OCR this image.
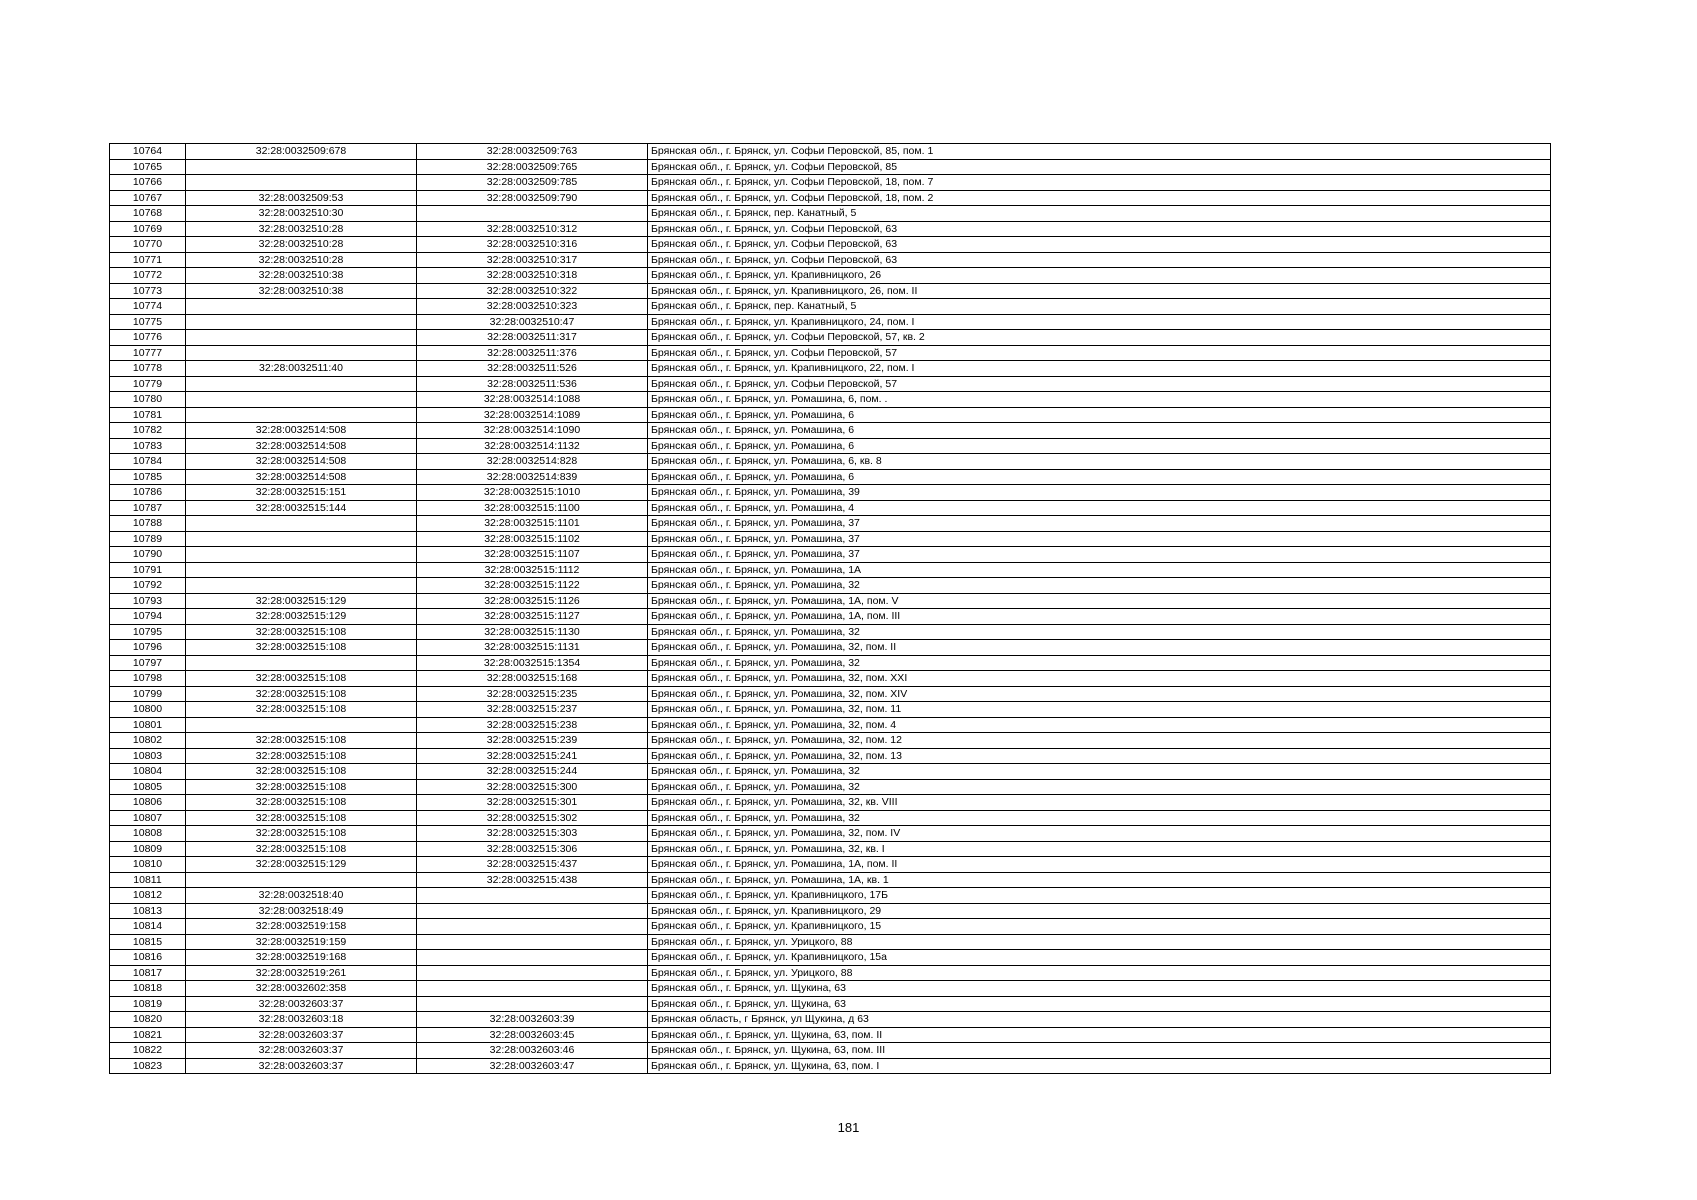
10764	32:28:0032509:678	32:28:0032509:763	Брянская обл., г. Брянск, ул. Софьи Перовской, 85, пом. 1
10765		32:28:0032509:765	Брянская обл., г. Брянск, ул. Софьи Перовской, 85
10766		32:28:0032509:785	Брянская обл., г. Брянск, ул. Софьи Перовской, 18, пом. 7
10767	32:28:0032509:53	32:28:0032509:790	Брянская обл., г. Брянск, ул. Софьи Перовской, 18, пом. 2
10768	32:28:0032510:30		Брянская обл., г. Брянск, пер. Канатный, 5
10769	32:28:0032510:28	32:28:0032510:312	Брянская обл., г. Брянск, ул. Софьи Перовской, 63
10770	32:28:0032510:28	32:28:0032510:316	Брянская обл., г. Брянск, ул. Софьи Перовской, 63
10771	32:28:0032510:28	32:28:0032510:317	Брянская обл., г. Брянск, ул. Софьи Перовской, 63
10772	32:28:0032510:38	32:28:0032510:318	Брянская обл., г. Брянск, ул. Крапивницкого, 26
10773	32:28:0032510:38	32:28:0032510:322	Брянская обл., г. Брянск, ул. Крапивницкого, 26, пом. II
10774		32:28:0032510:323	Брянская обл., г. Брянск, пер. Канатный, 5
10775		32:28:0032510:47	Брянская обл., г. Брянск, ул. Крапивницкого, 24, пом. I
10776		32:28:0032511:317	Брянская обл., г. Брянск, ул. Софьи Перовской, 57, кв. 2
10777		32:28:0032511:376	Брянская обл., г. Брянск, ул. Софьи Перовской, 57
10778	32:28:0032511:40	32:28:0032511:526	Брянская обл., г. Брянск, ул. Крапивницкого, 22, пом. I
10779		32:28:0032511:536	Брянская обл., г. Брянск, ул. Софьи Перовской, 57
10780		32:28:0032514:1088	Брянская обл., г. Брянск, ул. Ромашина, 6, пом. .
10781		32:28:0032514:1089	Брянская обл., г. Брянск, ул. Ромашина, 6
10782	32:28:0032514:508	32:28:0032514:1090	Брянская обл., г. Брянск, ул. Ромашина, 6
10783	32:28:0032514:508	32:28:0032514:1132	Брянская обл., г. Брянск, ул. Ромашина, 6
10784	32:28:0032514:508	32:28:0032514:828	Брянская обл., г. Брянск, ул. Ромашина, 6, кв. 8
10785	32:28:0032514:508	32:28:0032514:839	Брянская обл., г. Брянск, ул. Ромашина, 6
10786	32:28:0032515:151	32:28:0032515:1010	Брянская обл., г. Брянск, ул. Ромашина, 39
10787	32:28:0032515:144	32:28:0032515:1100	Брянская обл., г. Брянск, ул. Ромашина, 4
10788		32:28:0032515:1101	Брянская обл., г. Брянск, ул. Ромашина, 37
10789		32:28:0032515:1102	Брянская обл., г. Брянск, ул. Ромашина, 37
10790		32:28:0032515:1107	Брянская обл., г. Брянск, ул. Ромашина, 37
10791		32:28:0032515:1112	Брянская обл., г. Брянск, ул. Ромашина, 1А
10792		32:28:0032515:1122	Брянская обл., г. Брянск, ул. Ромашина, 32
10793	32:28:0032515:129	32:28:0032515:1126	Брянская обл., г. Брянск, ул. Ромашина, 1А, пом. V
10794	32:28:0032515:129	32:28:0032515:1127	Брянская обл., г. Брянск, ул. Ромашина, 1А, пом. III
10795	32:28:0032515:108	32:28:0032515:1130	Брянская обл., г. Брянск, ул. Ромашина, 32
10796	32:28:0032515:108	32:28:0032515:1131	Брянская обл., г. Брянск, ул. Ромашина, 32, пом. II
10797		32:28:0032515:1354	Брянская обл., г. Брянск, ул. Ромашина, 32
10798	32:28:0032515:108	32:28:0032515:168	Брянская обл., г. Брянск, ул. Ромашина, 32, пом. XXI
10799	32:28:0032515:108	32:28:0032515:235	Брянская обл., г. Брянск, ул. Ромашина, 32, пом. XIV
10800	32:28:0032515:108	32:28:0032515:237	Брянская обл., г. Брянск, ул. Ромашина, 32, пом. 11
10801		32:28:0032515:238	Брянская обл., г. Брянск, ул. Ромашина, 32, пом. 4
10802	32:28:0032515:108	32:28:0032515:239	Брянская обл., г. Брянск, ул. Ромашина, 32, пом. 12
10803	32:28:0032515:108	32:28:0032515:241	Брянская обл., г. Брянск, ул. Ромашина, 32, пом. 13
10804	32:28:0032515:108	32:28:0032515:244	Брянская обл., г. Брянск, ул. Ромашина, 32
10805	32:28:0032515:108	32:28:0032515:300	Брянская обл., г. Брянск, ул. Ромашина, 32
10806	32:28:0032515:108	32:28:0032515:301	Брянская обл., г. Брянск, ул. Ромашина, 32, кв. VIII
10807	32:28:0032515:108	32:28:0032515:302	Брянская обл., г. Брянск, ул. Ромашина, 32
10808	32:28:0032515:108	32:28:0032515:303	Брянская обл., г. Брянск, ул. Ромашина, 32, пом. IV
10809	32:28:0032515:108	32:28:0032515:306	Брянская обл., г. Брянск, ул. Ромашина, 32, кв. I
10810	32:28:0032515:129	32:28:0032515:437	Брянская обл., г. Брянск, ул. Ромашина, 1А, пом. II
10811		32:28:0032515:438	Брянская обл., г. Брянск, ул. Ромашина, 1А, кв. 1
10812	32:28:0032518:40		Брянская обл., г. Брянск, ул. Крапивницкого, 17Б
10813	32:28:0032518:49		Брянская обл., г. Брянск, ул. Крапивницкого, 29
10814	32:28:0032519:158		Брянская обл., г. Брянск, ул. Крапивницкого, 15
10815	32:28:0032519:159		Брянская обл., г. Брянск, ул. Урицкого, 88
10816	32:28:0032519:168		Брянская обл., г. Брянск, ул. Крапивницкого, 15а
10817	32:28:0032519:261		Брянская обл., г. Брянск, ул. Урицкого, 88
10818	32:28:0032602:358		Брянская обл., г. Брянск, ул. Щукина, 63
10819	32:28:0032603:37		Брянская обл., г. Брянск, ул. Щукина, 63
10820	32:28:0032603:18	32:28:0032603:39	Брянская область, г Брянск, ул Щукина, д 63
10821	32:28:0032603:37	32:28:0032603:45	Брянская обл., г. Брянск, ул. Щукина, 63, пом. II
10822	32:28:0032603:37	32:28:0032603:46	Брянская обл., г. Брянск, ул. Щукина, 63, пом. III
10823	32:28:0032603:37	32:28:0032603:47	Брянская обл., г. Брянск, ул. Щукина, 63, пом. I
181
